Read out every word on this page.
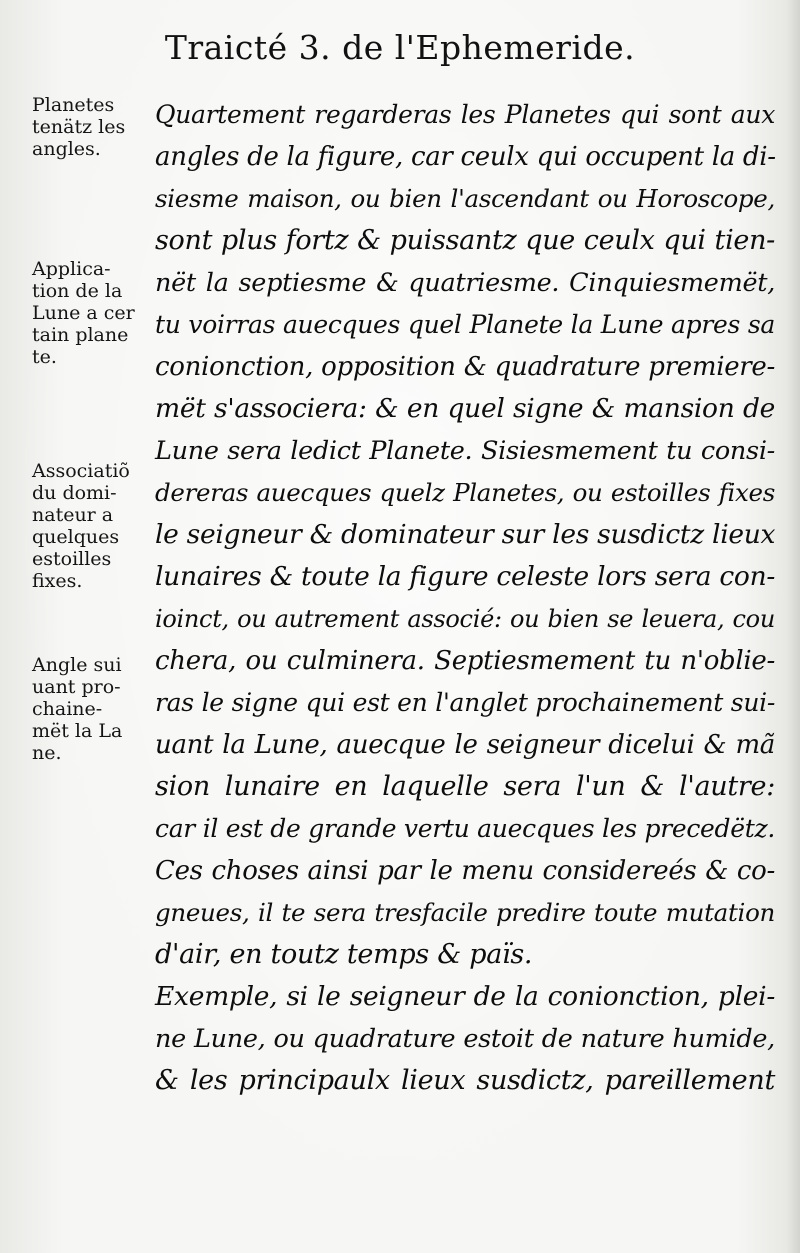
Traicté 3. de l'Ephemeride.
Planetes
tenätz les
angles.
Applica-
tion de la
Lune a cer
tain plane
te.
Associatiõ
du domi-
nateur a
quelques
estoilles
fixes.
Angle sui
uant pro-
chaine-
mët la La
ne.
Quartement regarderas les Planetes qui sont aux
angles de la figure, car ceulx qui occupent la di-
siesme maison, ou bien l'ascendant ou Horoscope,
sont plus fortz & puissantz que ceulx qui tien-
nët la septiesme & quatriesme. Cinquiesmemët,
tu voirras auecques quel Planete la Lune apres sa
conionction, opposition & quadrature premiere-
mët s'associera: & en quel signe & mansion de
Lune sera ledict Planete. Sisiesmement tu consi-
dereras auecques quelz Planetes, ou estoilles fixes
le seigneur & dominateur sur les susdictz lieux
lunaires & toute la figure celeste lors sera con-
ioinct, ou autrement associé: ou bien se leuera, cou
chera, ou culminera. Septiesmement tu n'oblie-
ras le signe qui est en l'anglet prochainement sui-
uant la Lune, auecque le seigneur dicelui & mã
sion lunaire en laquelle sera l'un & l'autre:
car il est de grande vertu auecques les precedëtz.
Ces choses ainsi par le menu considereés & co-
gneues, il te sera tresfacile predire toute mutation
d'air, en toutz temps & païs.
Exemple, si le seigneur de la conionction, plei-
ne Lune, ou quadrature estoit de nature humide,
& les principaulx lieux susdictz, pareillement
